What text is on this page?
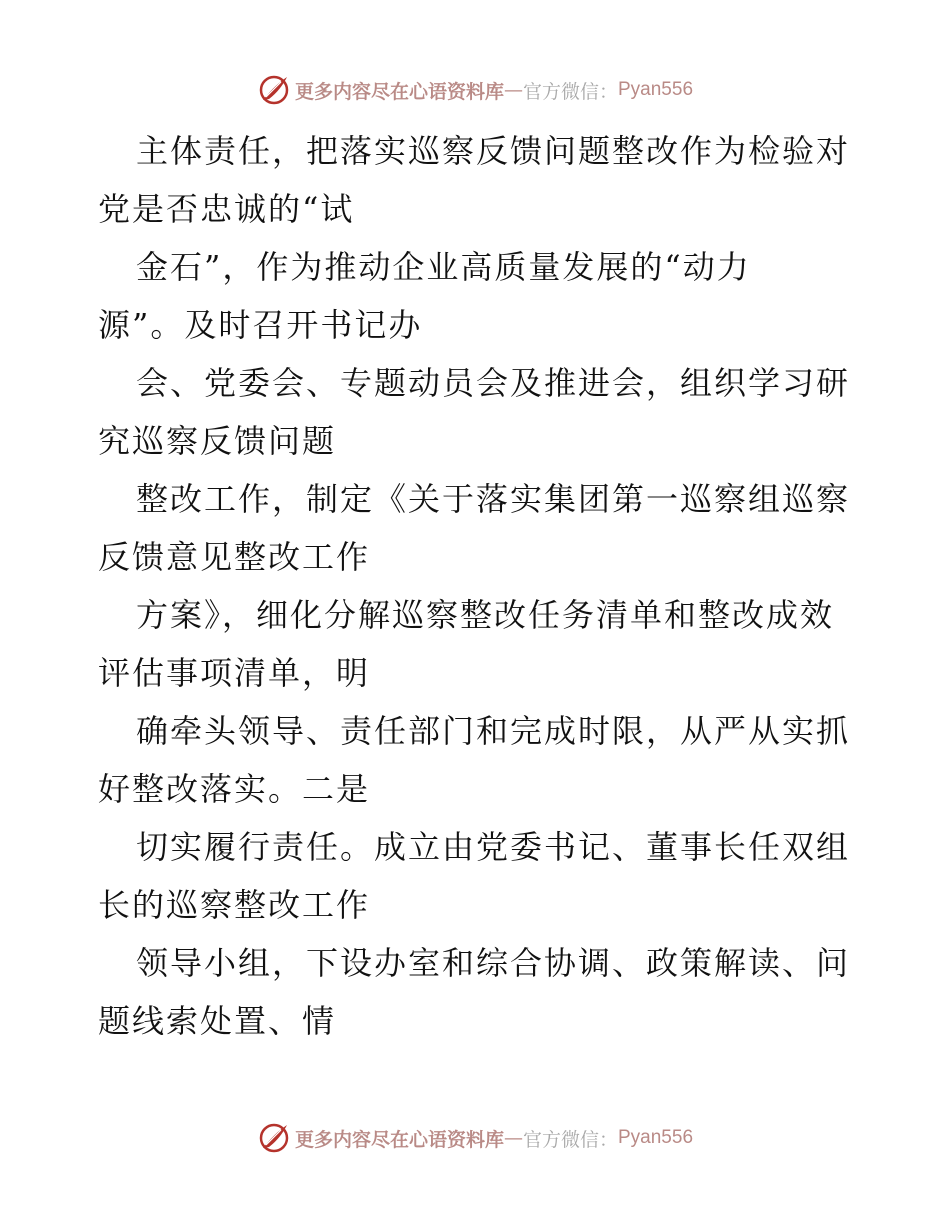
更多内容尽在心语资料库 — 官方微信： Pyan556
主体责任，把落实巡察反馈问题整改作为检验对
党是否忠诚的“试
金石”，作为推动企业高质量发展的“动力
源”。及时召开书记办
会、党委会、专题动员会及推进会，组织学习研
究巡察反馈问题
整改工作，制定《关于落实集团第一巡察组巡察
反馈意见整改工作
方案》，细化分解巡察整改任务清单和整改成效
评估事项清单，明
确牵头领导、责任部门和完成时限，从严从实抓
好整改落实。二是
切实履行责任。成立由党委书记、董事长任双组
长的巡察整改工作
领导小组，下设办室和综合协调、政策解读、问
题线索处置、情
更多内容尽在心语资料库 — 官方微信： Pyan556
